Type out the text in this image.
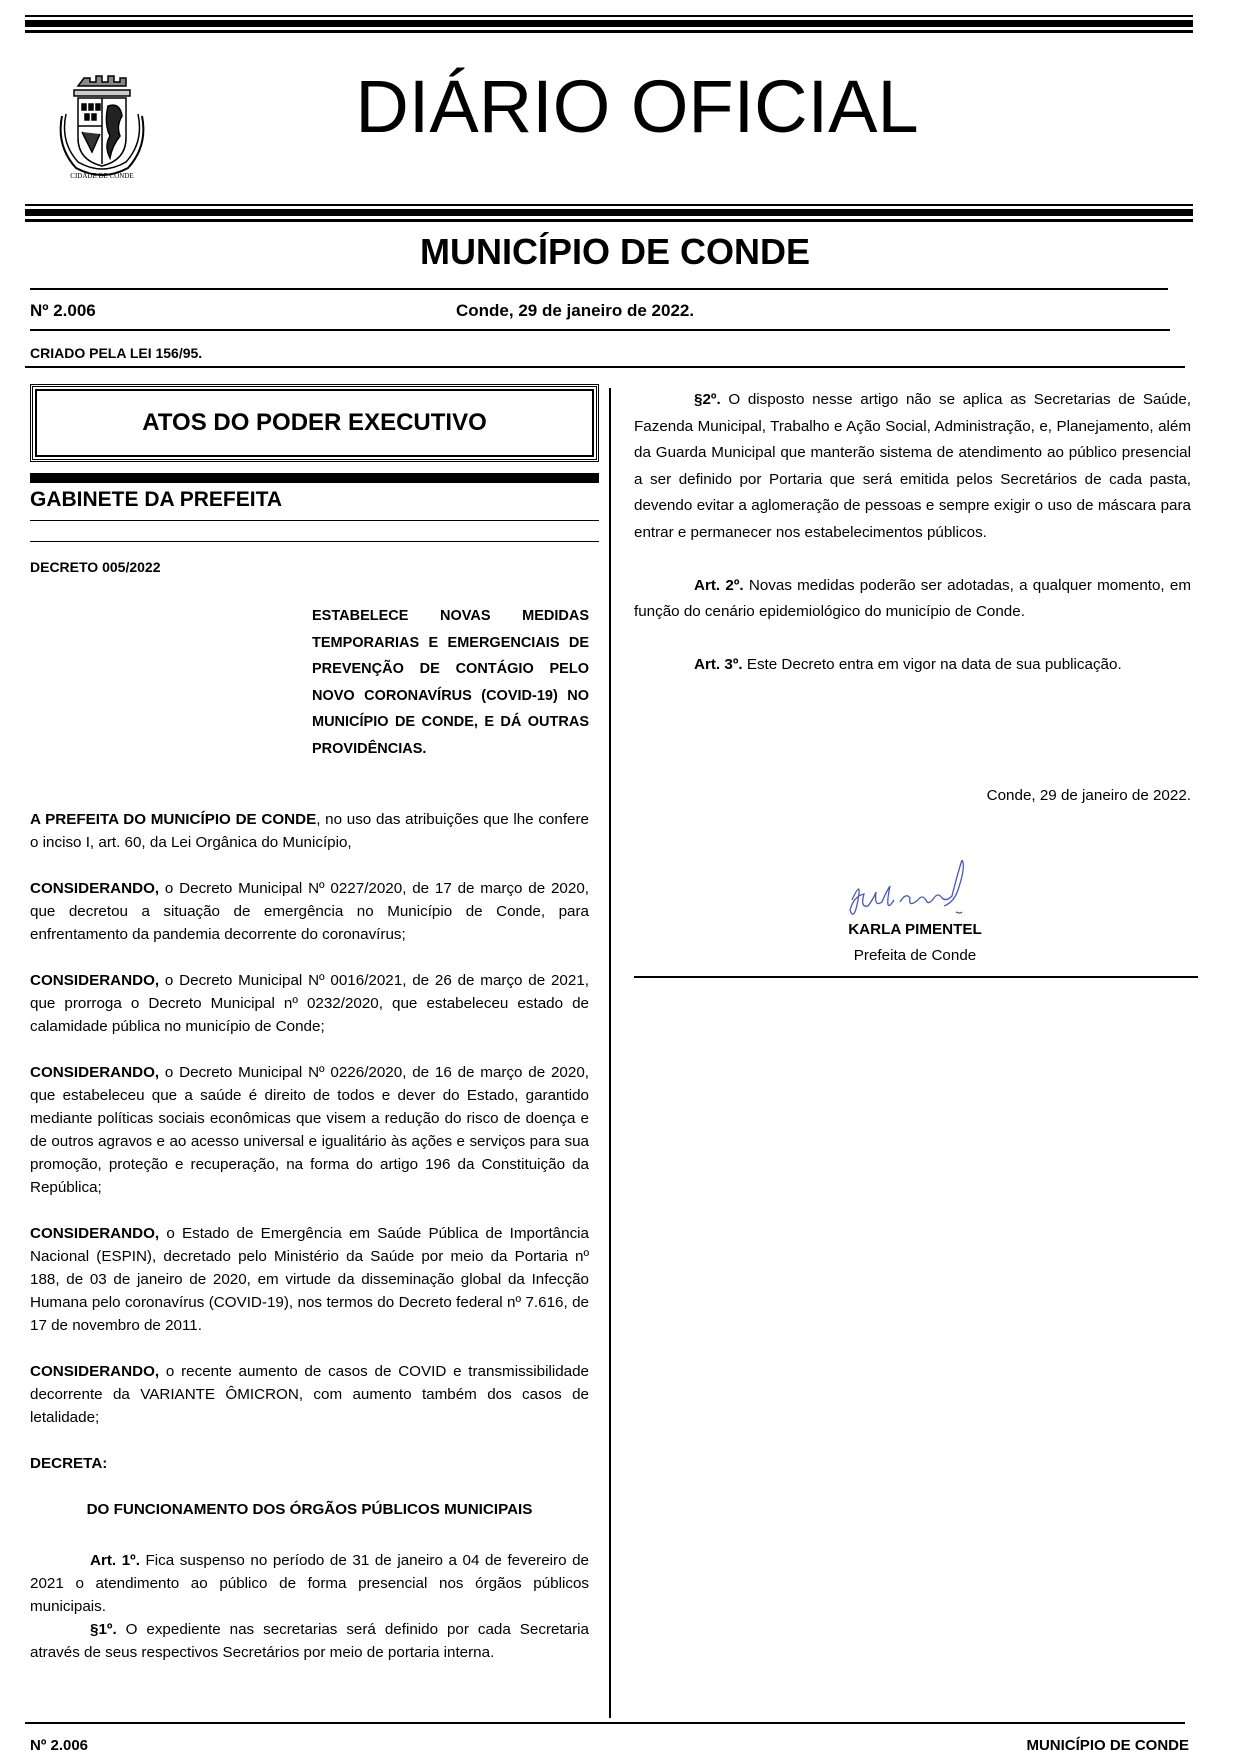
CIDADE DE CONDE
DIÁRIO OFICIAL
MUNICÍPIO DE CONDE
Nº 2.006	Conde, 29 de janeiro de 2022.
CRIADO PELA LEI 156/95.
ATOS DO PODER EXECUTIVO
GABINETE DA PREFEITA
DECRETO 005/2022
ESTABELECE NOVAS MEDIDAS TEMPORARIAS E EMERGENCIAIS DE PREVENÇÃO DE CONTÁGIO PELO NOVO CORONAVÍRUS (COVID-19) NO MUNICÍPIO DE CONDE, E DÁ OUTRAS PROVIDÊNCIAS.

A PREFEITA DO MUNICÍPIO DE CONDE, no uso das atribuições que lhe confere o inciso I, art. 60, da Lei Orgânica do Município,

CONSIDERANDO, o Decreto Municipal Nº 0227/2020, de 17 de março de 2020, que decretou a situação de emergência no Município de Conde, para enfrentamento da pandemia decorrente do coronavírus;

CONSIDERANDO, o Decreto Municipal Nº 0016/2021, de 26 de março de 2021, que prorroga o Decreto Municipal nº 0232/2020, que estabeleceu estado de calamidade pública no município de Conde;

CONSIDERANDO, o Decreto Municipal Nº 0226/2020, de 16 de março de 2020, que estabeleceu que a saúde é direito de todos e dever do Estado, garantido mediante políticas sociais econômicas que visem a redução do risco de doença e de outros agravos e ao acesso universal e igualitário às ações e serviços para sua promoção, proteção e recuperação, na forma do artigo 196 da Constituição da República;

CONSIDERANDO, o Estado de Emergência em Saúde Pública de Importância Nacional (ESPIN), decretado pelo Ministério da Saúde por meio da Portaria nº 188, de 03 de janeiro de 2020, em virtude da disseminação global da Infecção Humana pelo coronavírus (COVID-19), nos termos do Decreto federal nº 7.616, de 17 de novembro de 2011.

CONSIDERANDO, o recente aumento de casos de COVID e transmissibilidade decorrente da VARIANTE ÔMICRON, com aumento também dos casos de letalidade;

DECRETA:

DO FUNCIONAMENTO DOS ÓRGÃOS PÚBLICOS MUNICIPAIS

Art. 1º. Fica suspenso no período de 31 de janeiro a 04 de fevereiro de 2021 o atendimento ao público de forma presencial nos órgãos públicos municipais.

§1º. O expediente nas secretarias será definido por cada Secretaria através de seus respectivos Secretários por meio de portaria interna.

§2º. O disposto nesse artigo não se aplica as Secretarias de Saúde, Fazenda Municipal, Trabalho e Ação Social, Administração, e, Planejamento, além da Guarda Municipal que manterão sistema de atendimento ao público presencial a ser definido por Portaria que será emitida pelos Secretários de cada pasta, devendo evitar a aglomeração de pessoas e sempre exigir o uso de máscara para entrar e permanecer nos estabelecimentos públicos.

Art. 2º. Novas medidas poderão ser adotadas, a qualquer momento, em função do cenário epidemiológico do município de Conde.

Art. 3º. Este Decreto entra em vigor na data de sua publicação.

Conde, 29 de janeiro de 2022.
KARLA PIMENTEL
Prefeita de Conde
Nº 2.006	MUNICÍPIO DE CONDE
